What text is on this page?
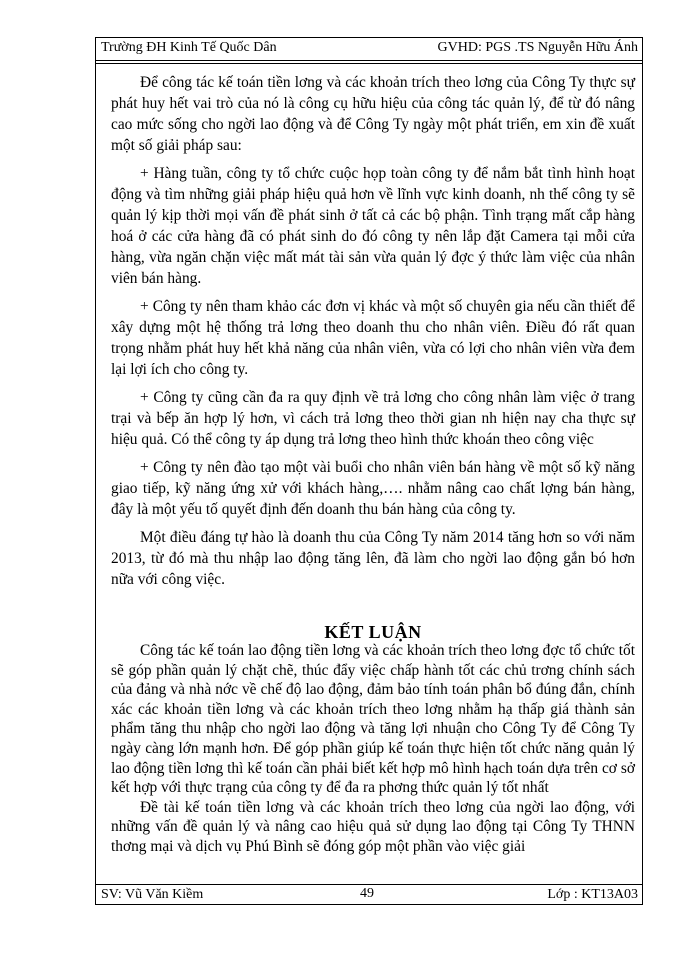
Trường ĐH Kinh Tế Quốc Dân	GVHD: PGS .TS Nguyễn Hữu Ánh

Để công tác kế toán tiền lơng và các khoản trích theo lơng của Công Ty thực sự phát huy hết vai trò của nó là công cụ hữu hiệu của công tác quản lý, để từ đó nâng cao mức sống cho ngời lao động và để Công Ty ngày một phát triển, em xin đề xuất một số giải pháp sau:

+ Hàng tuần, công ty tổ chức cuộc họp toàn công ty để nắm bắt tình hình hoạt động và tìm những giải pháp hiệu quả hơn về lĩnh vực kinh doanh, nh thế công ty sẽ quản lý kịp thời mọi vấn đề phát sinh ở tất cả các bộ phận. Tình trạng mất cắp hàng hoá ở các cửa hàng đã có phát sinh do đó công ty nên lắp đặt Camera tại mỗi cửa hàng, vừa ngăn chặn việc mất mát tài sản vừa quản lý đợc ý thức làm việc của nhân viên bán hàng.

+ Công ty nên tham khảo các đơn vị khác và một số chuyên gia nếu cần thiết để xây dựng một hệ thống trả lơng theo doanh thu cho nhân viên. Điều đó rất quan trọng nhằm phát huy hết khả năng của nhân viên, vừa có lợi cho nhân viên vừa đem lại lợi ích cho công ty.

+ Công ty cũng cần đa ra quy định về trả lơng cho công nhân làm việc ở trang trại và bếp ăn hợp lý hơn, vì cách trả lơng theo thời gian nh hiện nay cha thực sự hiệu quả. Có thể công ty áp dụng trả lơng theo hình thức khoán theo công việc

+ Công ty nên đào tạo một vài buổi cho nhân viên bán hàng về một số kỹ năng giao tiếp, kỹ năng ứng xử với khách hàng,…. nhằm nâng cao chất lợng bán hàng, đây là một yếu tố quyết định đến doanh thu bán hàng của công ty.

Một điều đáng tự hào là doanh thu của Công Ty năm 2014 tăng hơn so với năm 2013, từ đó mà thu nhập lao động tăng lên, đã làm cho ngời lao động gắn bó hơn nữa với công việc.

KẾT LUẬN

Công tác kế toán lao động tiền lơng và các khoản trích theo lơng đợc tổ chức tốt sẽ góp phần quản lý chặt chẽ, thúc đẩy việc chấp hành tốt các chủ trơng chính sách của đảng và nhà nớc về chế độ lao động, đảm bảo tính toán phân bổ đúng đắn, chính xác các khoản tiền lơng và các khoản trích theo lơng nhằm hạ thấp giá thành sản phẩm tăng thu nhập cho ngời lao động và tăng lợi nhuận cho Công Ty để Công Ty ngày càng lớn mạnh hơn. Để góp phần giúp kế toán thực hiện tốt chức năng quản lý lao động tiền lơng thì kế toán cần phải biết kết hợp mô hình hạch toán dựa trên cơ sở kết hợp với thực trạng của công ty để đa ra phơng thức quản lý tốt nhất

Đề tài kế toán tiền lơng và các khoản trích theo lơng của ngời lao động, với những vấn đề quản lý và nâng cao hiệu quả sử dụng lao động tại Công Ty THNN thơng mại và dịch vụ Phú Bình sẽ đóng góp một phần vào việc giải

SV: Vũ Văn Kiềm	49	Lớp : KT13A03
